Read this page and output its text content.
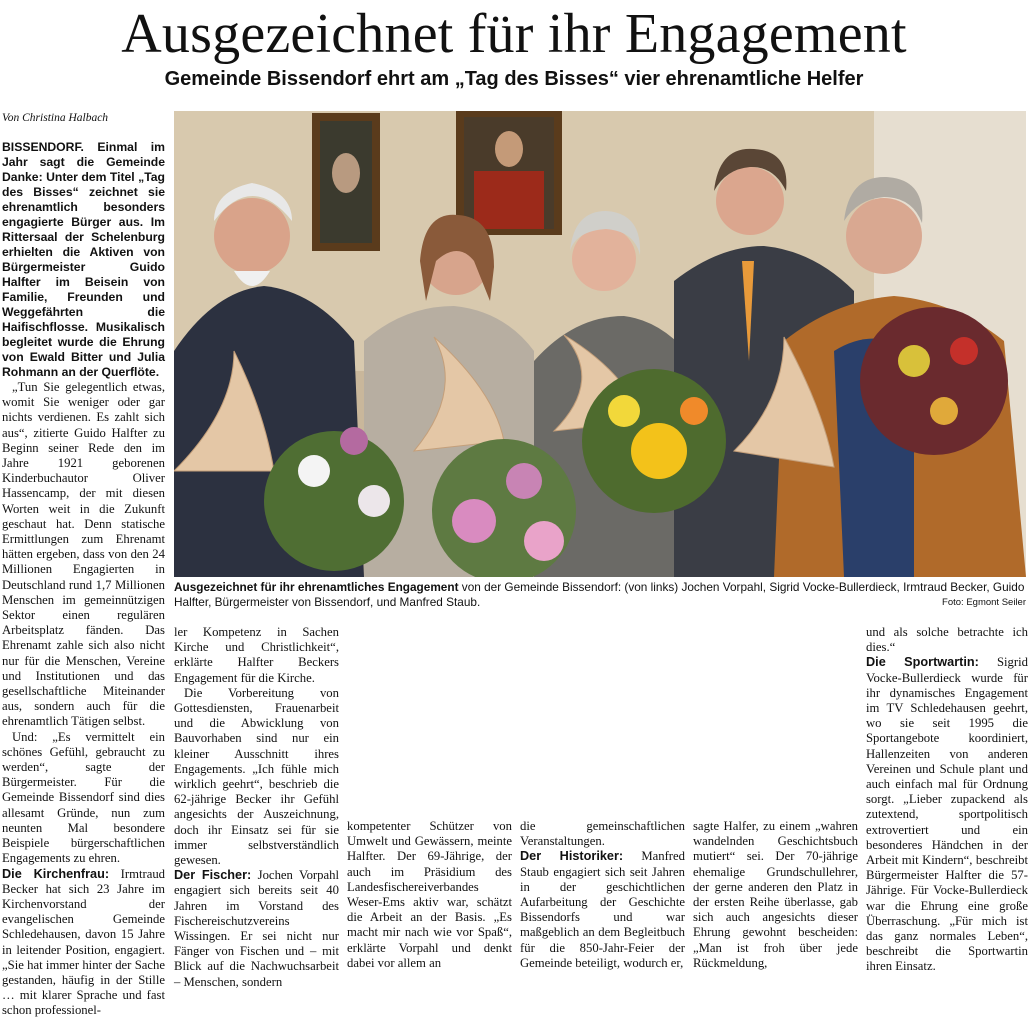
Ausgezeichnet für ihr Engagement
Gemeinde Bissendorf ehrt am „Tag des Bisses“ vier ehrenamtliche Helfer
Von Christina Halbach
Ausgezeichnet für ihr ehrenamtliches Engagement von der Gemeinde Bissendorf: (von links) Jochen Vorpahl, Sigrid Vocke-Bullerdieck, Irmtraud Becker, Guido Halfter, Bürgermeister von Bissendorf, und Manfred Staub.	Foto: Egmont Seiler

BISSENDORF. Einmal im Jahr sagt die Gemeinde Danke: Unter dem Titel „Tag des Bisses“ zeichnet sie ehrenamtlich besonders engagierte Bürger aus. Im Rittersaal der Schelenburg erhielten die Aktiven von Bürgermeister Guido Halfter im Beisein von Familie, Freunden und Weggefährten die Haifischflosse. Musikalisch begleitet wurde die Ehrung von Ewald Bitter und Julia Rohmann an der Querflöte.

„Tun Sie gelegentlich etwas, womit Sie weniger oder gar nichts verdienen. Es zahlt sich aus“, zitierte Guido Halfter zu Beginn seiner Rede den im Jahre 1921 geborenen Kinderbuchautor Oliver Hassencamp, der mit diesen Worten weit in die Zukunft geschaut hat. Denn statische Ermittlungen zum Ehrenamt hätten ergeben, dass von den 24 Millionen Engagierten in Deutschland rund 1,7 Millionen Menschen im gemeinnützigen Sektor einen regulären Arbeitsplatz fänden. Das Ehrenamt zahle sich also nicht nur für die Menschen, Vereine und Institutionen und das gesellschaftliche Miteinander aus, sondern auch für die ehrenamtlich Tätigen selbst.

Und: „Es vermittelt ein schönes Gefühl, gebraucht zu werden“, sagte der Bürgermeister. Für die Gemeinde Bissendorf sind dies allesamt Gründe, nun zum neunten Mal besondere Beispiele bürgerschaftlichen Engagements zu ehren.

Die Kirchenfrau: Irmtraud Becker hat sich 23 Jahre im Kirchenvorstand der evangelischen Gemeinde Schledehausen, davon 15 Jahre in leitender Position, engagiert. „Sie hat immer hinter der Sache gestanden, häufig in der Stille … mit klarer Sprache und fast schon professionel-

ler Kompetenz in Sachen Kirche und Christlichkeit“, erklärte Halfter Beckers Engagement für die Kirche.

Die Vorbereitung von Gottesdiensten, Frauenarbeit und die Abwicklung von Bauvorhaben sind nur ein kleiner Ausschnitt ihres Engagements. „Ich fühle mich wirklich geehrt“, beschrieb die 62-jährige Becker ihr Gefühl angesichts der Auszeichnung, doch ihr Einsatz sei für sie immer selbstverständlich gewesen.

Der Fischer: Jochen Vorpahl engagiert sich bereits seit 40 Jahren im Vorstand des Fischereischutzvereins Wissingen. Er sei nicht nur Fänger von Fischen und – mit Blick auf die Nachwuchsarbeit – Menschen, sondern

kompetenter Schützer von Umwelt und Gewässern, meinte Halfter. Der 69-Jährige, der auch im Präsidium des Landesfischereiverbandes Weser-Ems aktiv war, schätzt die Arbeit an der Basis. „Es macht mir nach wie vor Spaß“, erklärte Vorpahl und denkt dabei vor allem an

die gemeinschaftlichen Veranstaltungen.

Der Historiker: Manfred Staub engagiert sich seit Jahren in der geschichtlichen Aufarbeitung der Geschichte Bissendorfs und war maßgeblich an dem Begleitbuch für die 850-Jahr-Feier der Gemeinde beteiligt, wodurch er,

sagte Halfer, zu einem „wahren wandelnden Geschichtsbuch mutiert“ sei. Der 70-jährige ehemalige Grundschullehrer, der gerne anderen den Platz in der ersten Reihe überlasse, gab sich auch angesichts dieser Ehrung gewohnt bescheiden: „Man ist froh über jede Rückmeldung,

und als solche betrachte ich dies.“

Die Sportwartin: Sigrid Vocke-Bullerdieck wurde für ihr dynamisches Engagement im TV Schledehausen geehrt, wo sie seit 1995 die Sportangebote koordiniert, Hallenzeiten von anderen Vereinen und Schule plant und auch einfach mal für Ordnung sorgt. „Lieber zupackend als zutextend, sportpolitisch extrovertiert und ein besonderes Händchen in der Arbeit mit Kindern“, beschreibt Bürgermeister Halfter die 57-Jährige. Für Vocke-Bullerdieck war die Ehrung eine große Überraschung. „Für mich ist das ganz normales Leben“, beschreibt die Sportwartin ihren Einsatz.
